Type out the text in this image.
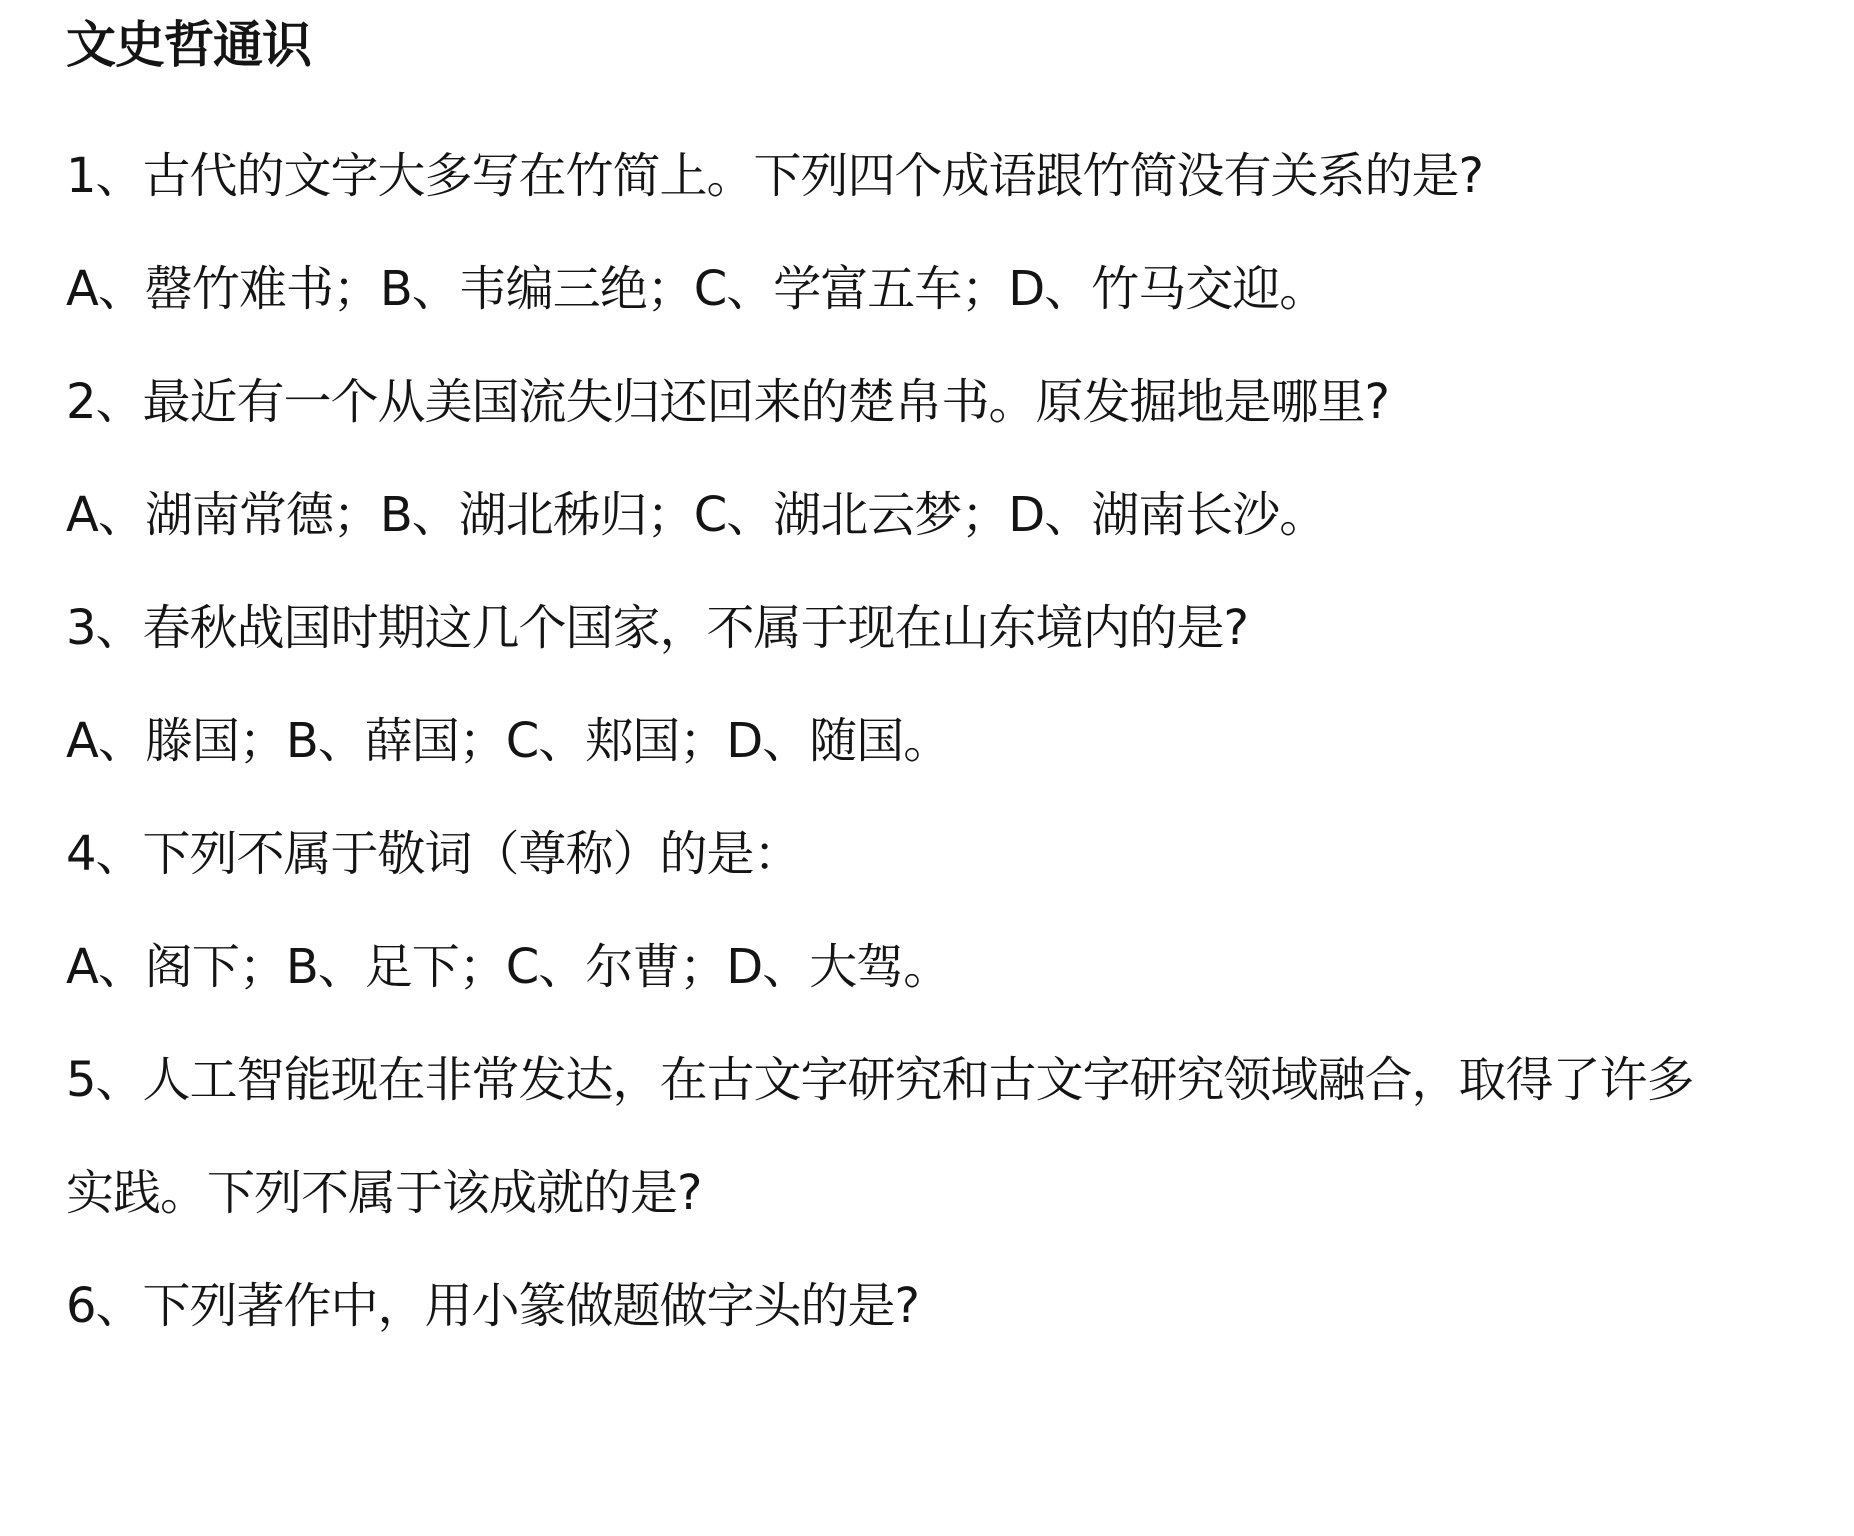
文史哲通识
1、古代的文字大多写在竹简上。下列四个成语跟竹简没有关系的是?
A、罄竹难书；B、韦编三绝；C、学富五车；D、竹马交迎。
2、最近有一个从美国流失归还回来的楚帛书。原发掘地是哪里?
A、湖南常德；B、湖北秭归；C、湖北云梦；D、湖南长沙。
3、春秋战国时期这几个国家，不属于现在山东境内的是?
A、滕国；B、薛国；C、郏国；D、随国。
4、下列不属于敬词（尊称）的是：
A、阁下；B、足下；C、尔曹；D、大驾。
5、人工智能现在非常发达，在古文字研究和古文字研究领域融合，取得了许多
实践。下列不属于该成就的是?
6、下列著作中，用小篆做题做字头的是?
